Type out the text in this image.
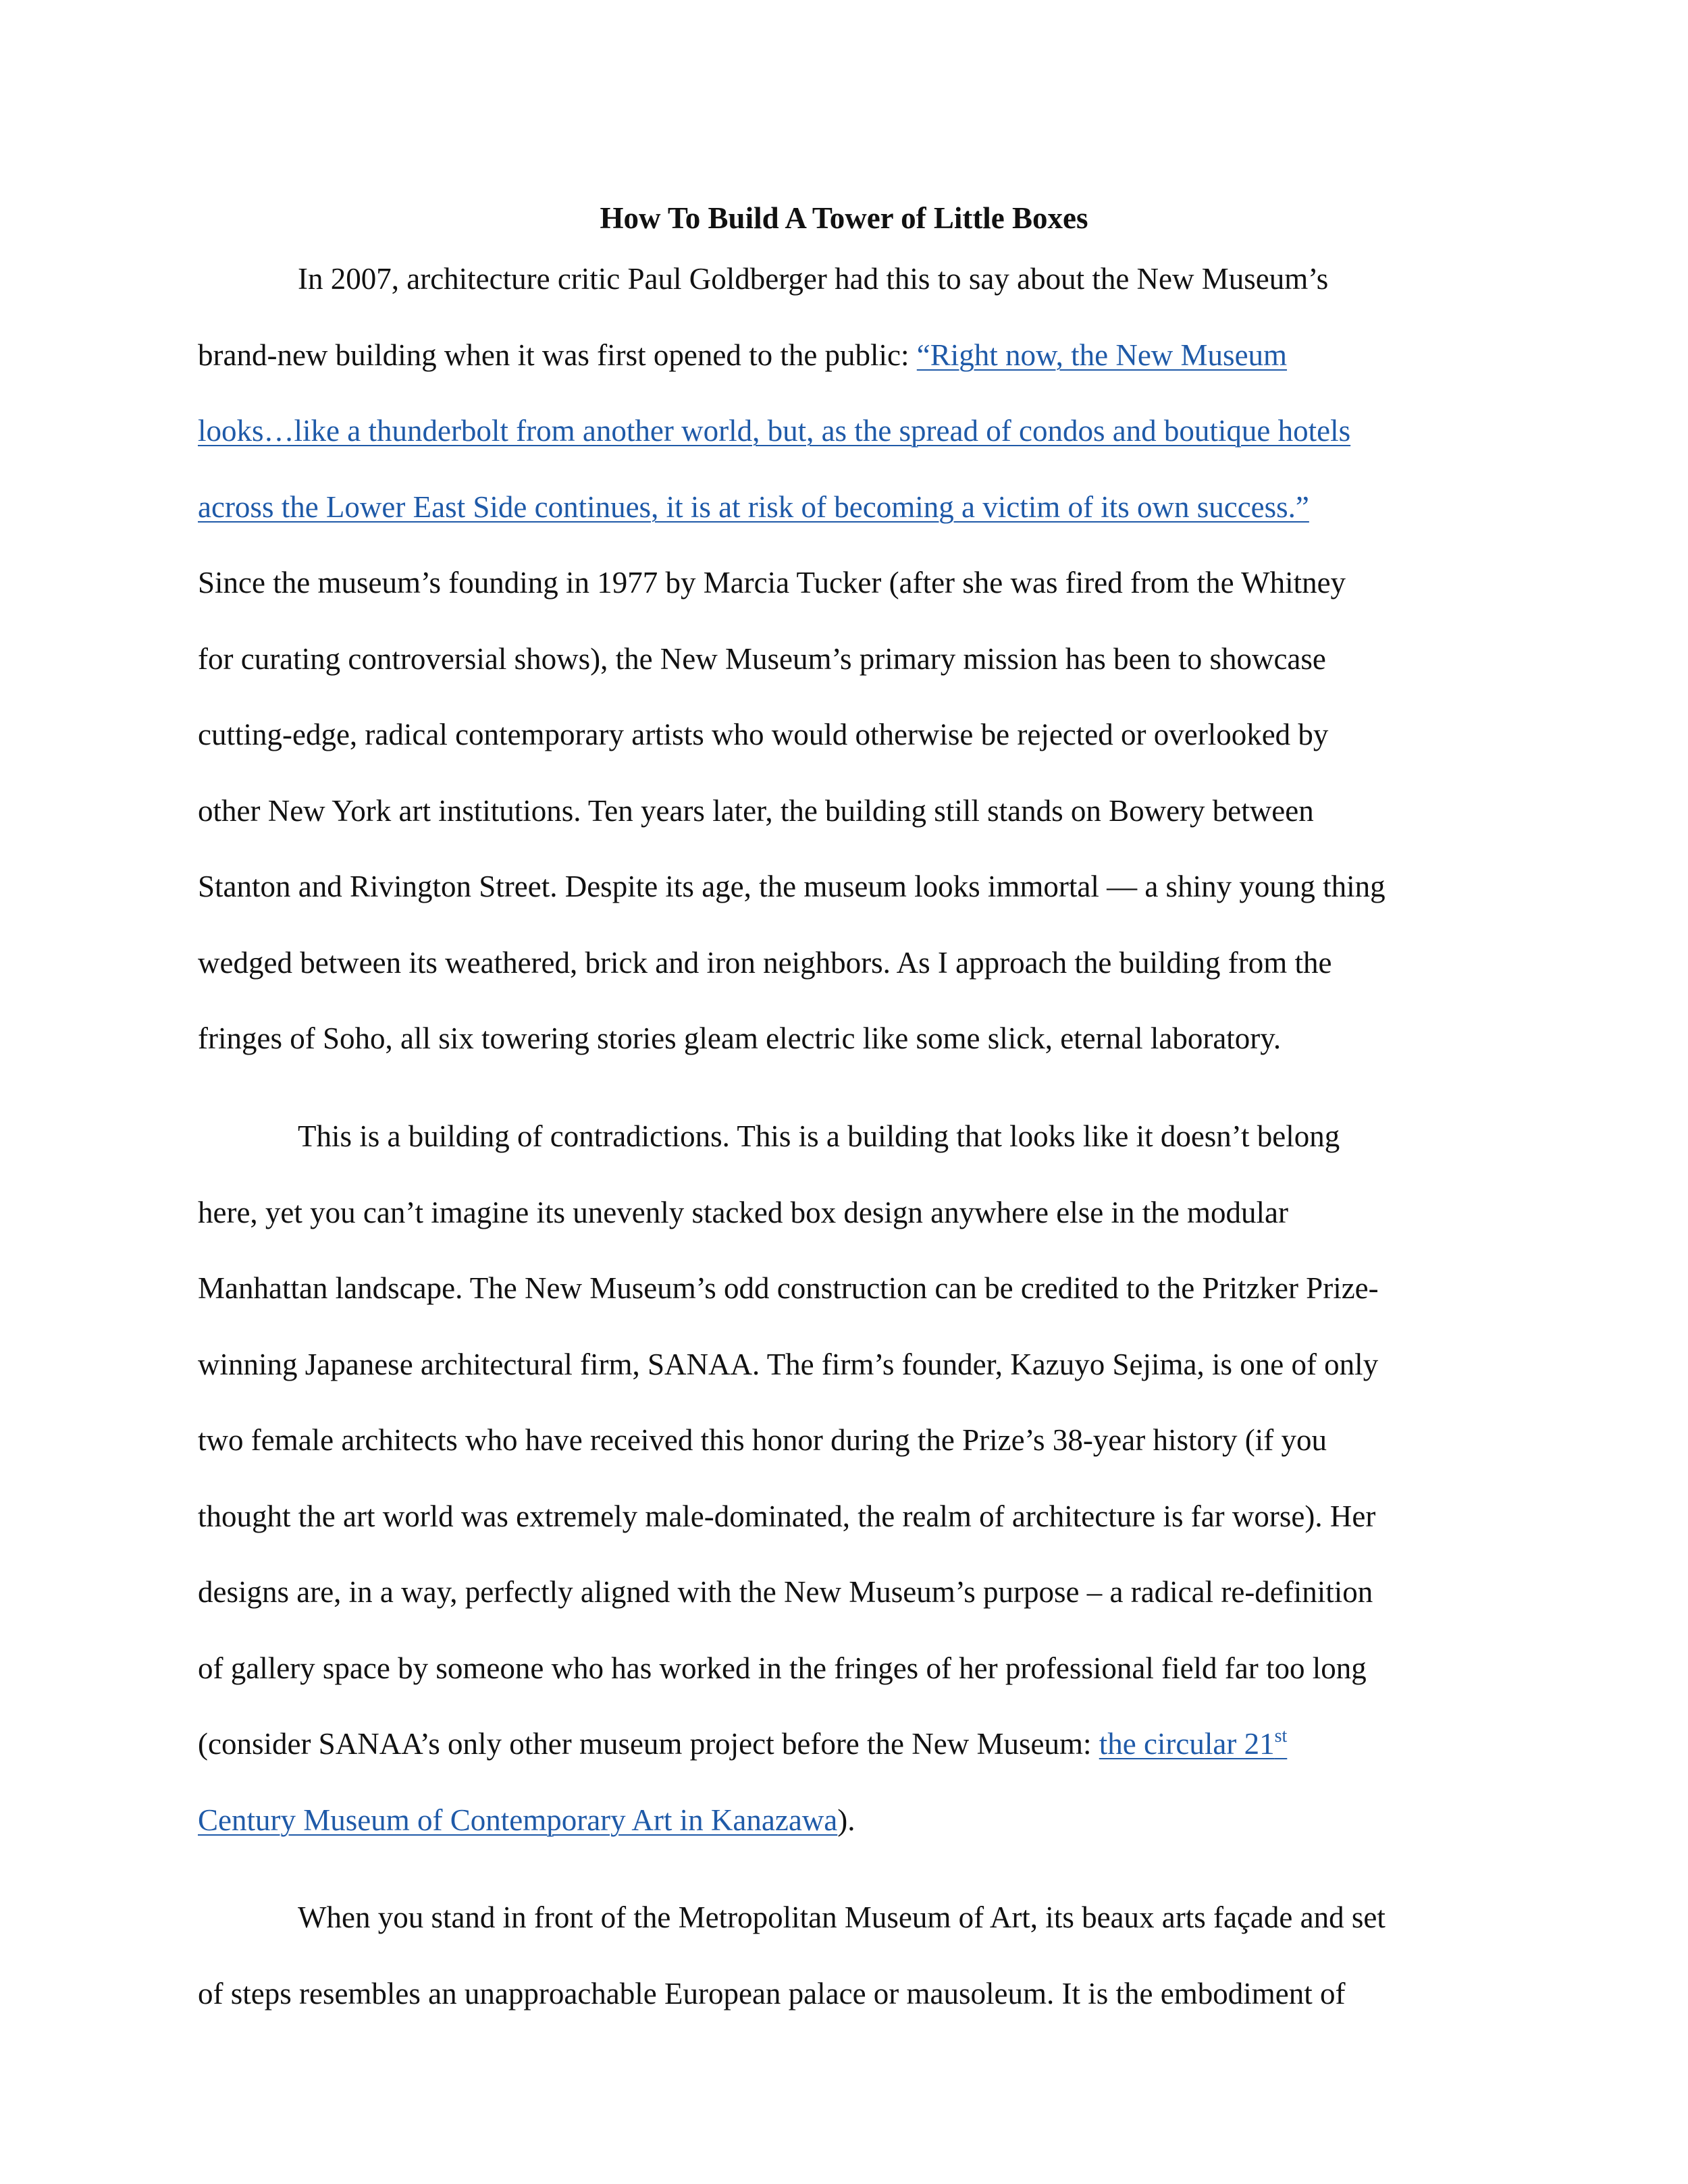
How To Build A Tower of Little Boxes
In 2007, architecture critic Paul Goldberger had this to say about the New Museum’s
brand-new building when it was first opened to the public: “Right now, the New Museum
looks…like a thunderbolt from another world, but, as the spread of condos and boutique hotels
across the Lower East Side continues, it is at risk of becoming a victim of its own success.”
Since the museum’s founding in 1977 by Marcia Tucker (after she was fired from the Whitney
for curating controversial shows), the New Museum’s primary mission has been to showcase
cutting-edge, radical contemporary artists who would otherwise be rejected or overlooked by
other New York art institutions. Ten years later, the building still stands on Bowery between
Stanton and Rivington Street. Despite its age, the museum looks immortal — a shiny young thing
wedged between its weathered, brick and iron neighbors. As I approach the building from the
fringes of Soho, all six towering stories gleam electric like some slick, eternal laboratory.
This is a building of contradictions. This is a building that looks like it doesn’t belong
here, yet you can’t imagine its unevenly stacked box design anywhere else in the modular
Manhattan landscape. The New Museum’s odd construction can be credited to the Pritzker Prize-
winning Japanese architectural firm, SANAA. The firm’s founder, Kazuyo Sejima, is one of only
two female architects who have received this honor during the Prize’s 38-year history (if you
thought the art world was extremely male-dominated, the realm of architecture is far worse). Her
designs are, in a way, perfectly aligned with the New Museum’s purpose – a radical re-definition
of gallery space by someone who has worked in the fringes of her professional field far too long
(consider SANAA’s only other museum project before the New Museum: the circular 21st
Century Museum of Contemporary Art in Kanazawa).
When you stand in front of the Metropolitan Museum of Art, its beaux arts façade and set
of steps resembles an unapproachable European palace or mausoleum. It is the embodiment of
